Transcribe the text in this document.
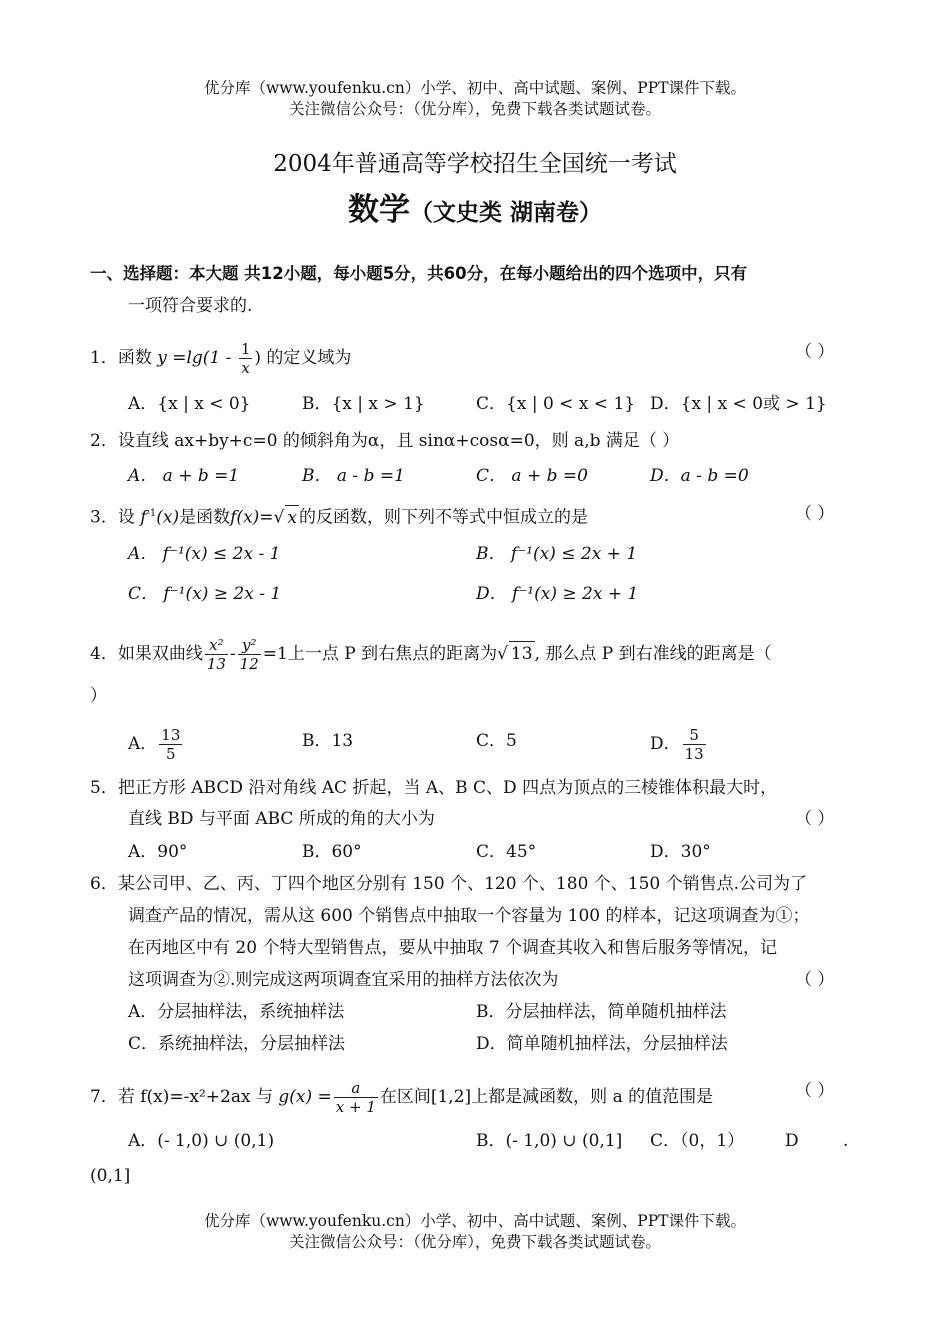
优分库（www.youfenku.cn）小学、初中、高中试题、案例、PPT课件下载。
关注微信公众号：（优分库），免费下载各类试题试卷。
2004年普通高等学校招生全国统一考试
数学（文史类 湖南卷）
一、选择题：本大题 共12小题，每小题5分，共60分，在每小题给出的四个选项中，只有
一项符合要求的.
1．函数 $y =\lg(1 - \frac{1}{x}$ ) 的定义域为	（ ）
A．{x | x < 0}	B．{x | x > 1}	C．{x | 0 < x < 1} D．{x | x < 0或 > 1}
2．设直线 ax+by+c=0 的倾斜角为α，且 sinα+cosα=0，则 a,b 满足（ ）
A． a + b =1	B． a - b =1	C． a + b =0	D．a - b =0
3．设 $f^{-1}(x)$是函数f(x)=√ x 的反函数，则下列不等式中恒成立的是	（ ）
A． f⁻¹(x) ≤ 2x - 1	B． f⁻¹(x) ≤ 2x + 1
C． f⁻¹(x) ≥ 2x - 1	D． f⁻¹(x) ≥ 2x + 1
4．如果双曲线 $\frac{\text{x²}}{13} - \frac{\text{y²}}{12} =1$上一点 P 到右焦点的距离为√ 13 , 那么点 P 到右准线的距离是（
）
A． $\frac{13}{5}$	B．13	C．5	D． $\frac{5}{13}$
5．把正方形 ABCD 沿对角线 AC 折起，当 A、B C、D 四点为顶点的三棱锥体积最大时，
直线 BD 与平面 ABC 所成的角的大小为	（ ）
A．90°	B．60°	C．45°	D．30°
6．某公司甲、乙、丙、丁四个地区分别有 150 个、120 个、180 个、150 个销售点.公司为了
调查产品的情况，需从这 600 个销售点中抽取一个容量为 100 的样本，记这项调查为①；
在丙地区中有 20 个特大型销售点，要从中抽取 7 个调查其收入和售后服务等情况，记
这项调查为②.则完成这两项调查宜采用的抽样方法依次为	（ ）
A．分层抽样法，系统抽样法	B．分层抽样法，简单随机抽样法
C．系统抽样法，分层抽样法	D．简单随机抽样法，分层抽样法
7．若 f(x)=-x²+2ax 与 $g(x) = \frac{a}{x + 1}$ 在区间[1,2]上都是减函数，则 a 的值范围是	（ ）
A．(- 1,0) ∪ (0,1)	B．(- 1,0) ∪ (0,1] C．（0，1） D	.
(0,1]
优分库（www.youfenku.cn）小学、初中、高中试题、案例、PPT课件下载。
关注微信公众号：（优分库），免费下载各类试题试卷。
